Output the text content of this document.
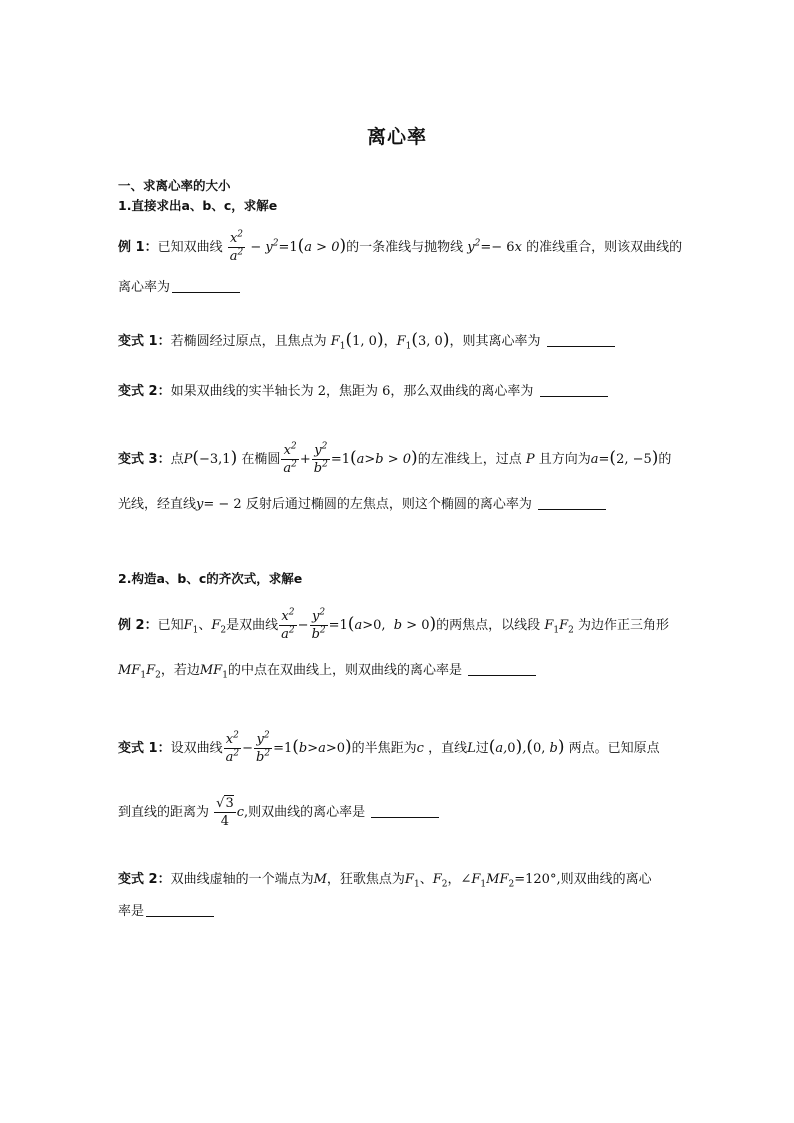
离心率
一、求离心率的大小
1.直接求出a、b、c，求解e
例 1：已知双曲线 $\frac{x^2}{a^2} - y^2=1(a > 0)$的一条准线与抛物线 $y^2=- 6x$ 的准线重合，则该双曲线的
离心率为
变式 1：若椭圆经过原点，且焦点为 $F_1(1$, 0)，$F_1(3$, 0)，则其离心率为
变式 2：如果双曲线的实半轴长为 2，焦距为 6，那么双曲线的离心率为
变式 3：点P(−3,1) 在椭圆 $\frac{x^2}{a^2} + \frac{y^2}{b^2} =1(a>b > 0)$的左准线上，过点 P 且方向为a=(2, −5)的
光线，经直线y= − 2 反射后通过椭圆的左焦点，则这个椭圆的离心率为
2.构造a、b、c的齐次式，求解e
例 2：已知$F_1$、$F_2$是双曲线 $\frac{x^2}{a^2} - \frac{y^2}{b^2} =1(a>0$,  b > 0)的两焦点，以线段 $F_1F_2$ 为边作正三角形
$MF_1F_2$，若边$MF_1$的中点在双曲线上，则双曲线的离心率是
变式 1：设双曲线 $\frac{x^2}{a^2} - \frac{y^2}{b^2} =1(b>a>0)$的半焦距为c ，直线L过(a,0),(0, b) 两点。已知原点
到直线的距离为 $\frac{√3}{4} c$,则双曲线的离心率是
变式 2：双曲线虚轴的一个端点为M，狂歌焦点为$F_1$、$F_2$，$\angle F_1MF_2=120^\circ$,则双曲线的离心
率是
